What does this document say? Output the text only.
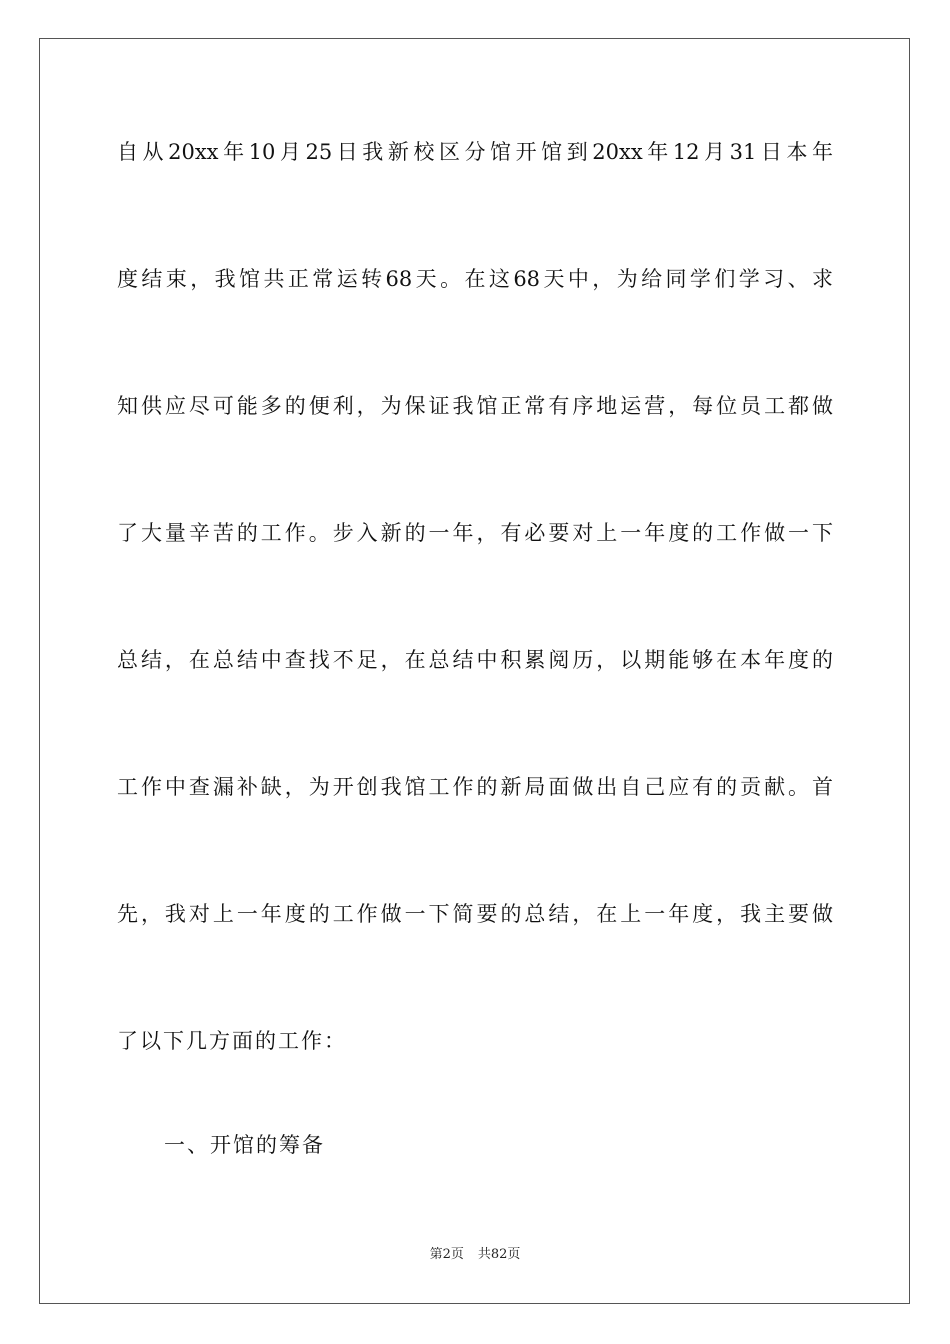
自从20xx年10月25日我新校区分馆开馆到20xx年12月31日本年
度结束，我馆共正常运转68天。在这68天中，为给同学们学习、求
知供应尽可能多的便利，为保证我馆正常有序地运营，每位员工都做
了大量辛苦的工作。步入新的一年，有必要对上一年度的工作做一下
总结，在总结中查找不足，在总结中积累阅历，以期能够在本年度的
工作中查漏补缺，为开创我馆工作的新局面做出自己应有的贡献。首
先，我对上一年度的工作做一下简要的总结，在上一年度，我主要做
了以下几方面的工作：
一、开馆的筹备
第2页 共82页
